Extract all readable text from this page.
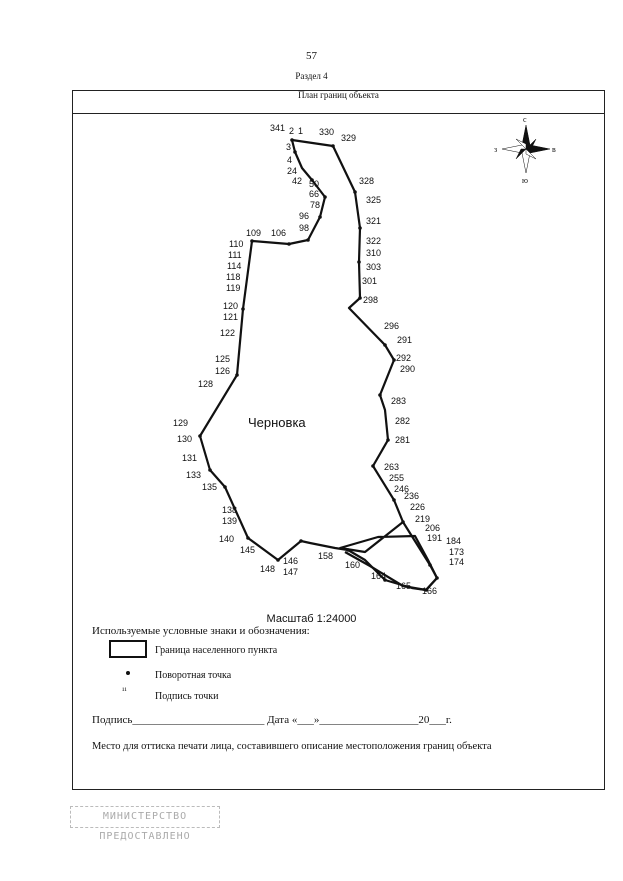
57
Раздел 4
План границ объекта
341 2 1 330
329
3
4
24
42 50
66
78
96
98
109 106
110
111
114
118
119
120
121
122
125
126
128
129
130
131
133
135
138
139
140
145
148
146
147
158
160
164
165 166
328
325
321
322
310
303
301
298
296
291
292
290
283
282
281
263
255
246
236
226
219
206
191 184
173
174
Черновка
с
ю
з	в
Масштаб 1:24000
Используемые условные знаки и обозначения:
Граница населенного пункта
Поворотная точка
¹¹
Подпись точки
Подпись________________________ Дата «___»__________________20___г.
Место для оттиска печати лица, составившего описание местоположения границ объекта
МИНИСТЕРСТВО ПРЕДОСТАВЛЕНО
